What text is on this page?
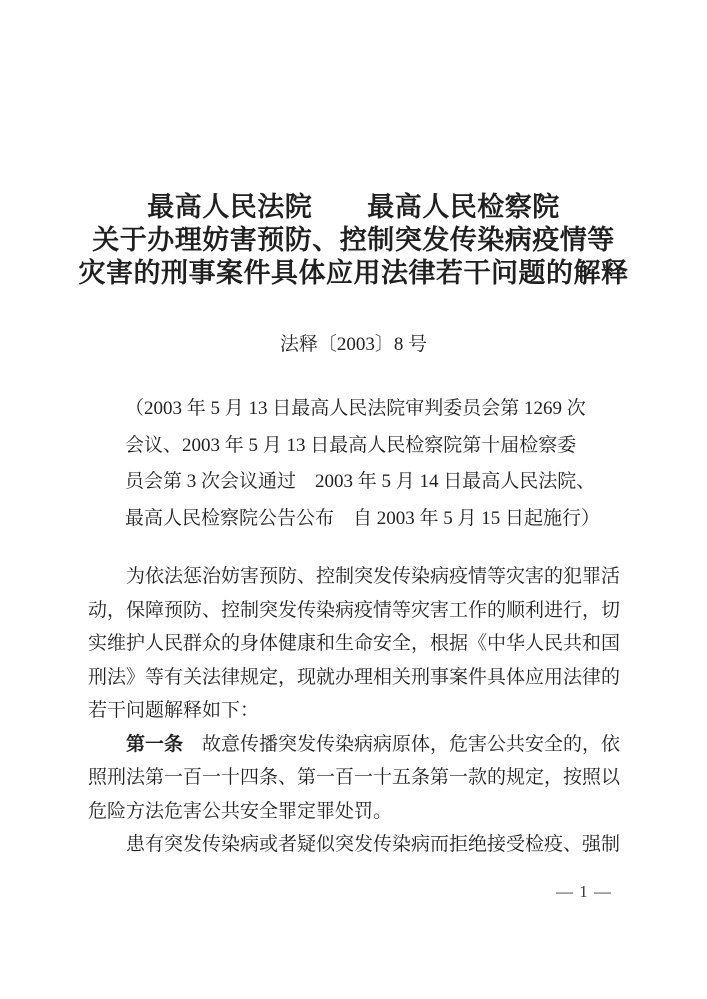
最高人民法院　　最高人民检察院
关于办理妨害预防、控制突发传染病疫情等
灾害的刑事案件具体应用法律若干问题的解释
法释〔2003〕8 号
（2003 年 5 月 13 日最高人民法院审判委员会第 1269 次
会议、2003 年 5 月 13 日最高人民检察院第十届检察委
员会第 3 次会议通过　2003 年 5 月 14 日最高人民法院、
最高人民检察院公告公布　自 2003 年 5 月 15 日起施行）
　　为依法惩治妨害预防、控制突发传染病疫情等灾害的犯罪活
动，保障预防、控制突发传染病疫情等灾害工作的顺利进行，切
实维护人民群众的身体健康和生命安全，根据《中华人民共和国
刑法》等有关法律规定，现就办理相关刑事案件具体应用法律的
若干问题解释如下：
　　第一条　故意传播突发传染病病原体，危害公共安全的，依
照刑法第一百一十四条、第一百一十五条第一款的规定，按照以
危险方法危害公共安全罪定罪处罚。
　　患有突发传染病或者疑似突发传染病而拒绝接受检疫、强制
— 1 —
